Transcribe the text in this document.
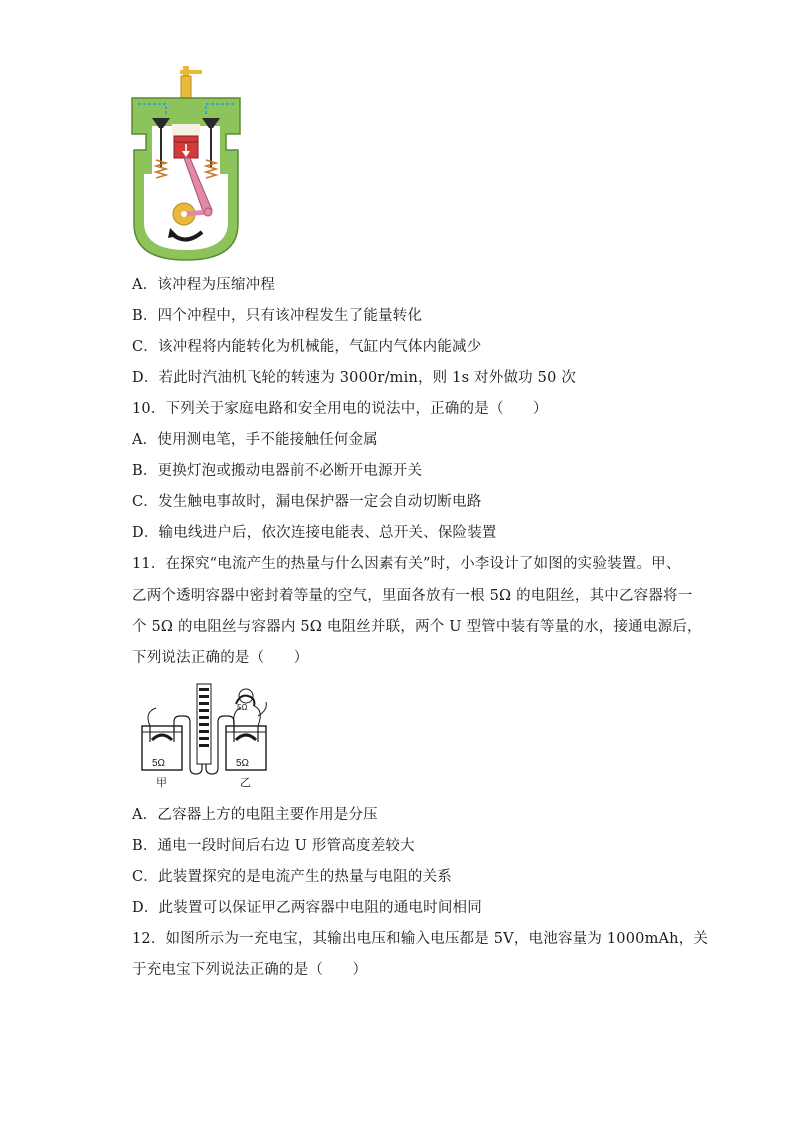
A．该冲程为压缩冲程
B．四个冲程中，只有该冲程发生了能量转化
C．该冲程将内能转化为机械能，气缸内气体内能减少
D．若此时汽油机飞轮的转速为 3000r/min，则 1s 对外做功 50 次
10．下列关于家庭电路和安全用电的说法中，正确的是（　　）
A．使用测电笔，手不能接触任何金属
B．更换灯泡或搬动电器前不必断开电源开关
C．发生触电事故时，漏电保护器一定会自动切断电路
D．输电线进户后，依次连接电能表、总开关、保险装置
11．在探究“电流产生的热量与什么因素有关”时，小李设计了如图的实验装置。甲、
乙两个透明容器中密封着等量的空气，里面各放有一根 5Ω 的电阻丝，其中乙容器将一
个 5Ω 的电阻丝与容器内 5Ω 电阻丝并联，两个 U 型管中装有等量的水，接通电源后，
下列说法正确的是（　　）
5Ω	5Ω
5Ω
甲	乙
A．乙容器上方的电阻主要作用是分压
B．通电一段时间后右边 U 形管高度差较大
C．此装置探究的是电流产生的热量与电阻的关系
D．此装置可以保证甲乙两容器中电阻的通电时间相同
12．如图所示为一充电宝，其输出电压和输入电压都是 5V，电池容量为 1000mAh，关
于充电宝下列说法正确的是（　　）
